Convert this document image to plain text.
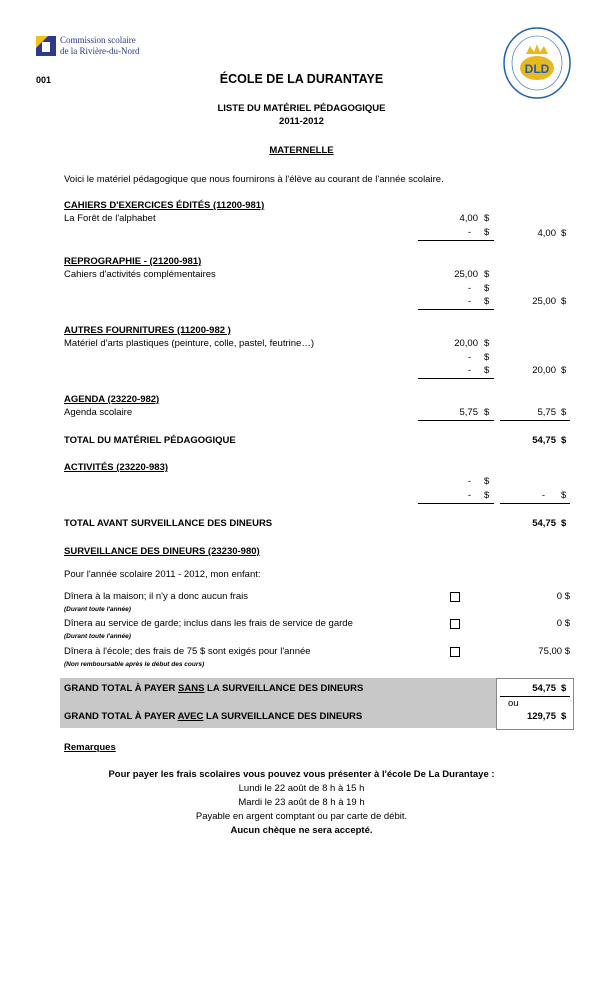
Commission scolaire
de la Rivière-du-Nord
DLD
001	ÉCOLE DE LA DURANTAYE
LISTE DU MATÉRIEL PÉDAGOGIQUE
2011-2012
MATERNELLE
Voici le matériel pédagogique que nous fournirons à l'élève au courant de l'année scolaire.
CAHIERS D'EXERCICES ÉDITÉS (11200-981)
La Forêt de l'alphabet	4,00 $
- $	4,00 $
REPROGRAPHIE - (21200-981)
Cahiers d'activités complémentaires	25,00 $
- $
- $	25,00 $
AUTRES FOURNITURES (11200-982 )
Matériel d'arts plastiques (peinture, colle, pastel, feutrine…)	20,00 $
- $
- $	20,00 $
AGENDA (23220-982)
Agenda scolaire	5,75 $	5,75 $
TOTAL DU MATÉRIEL PÉDAGOGIQUE	54,75 $
ACTIVITÉS (23220-983)
- $
- $	- $
TOTAL AVANT SURVEILLANCE DES DINEURS	54,75 $
SURVEILLANCE DES DINEURS (23230-980)
Pour l'année scolaire 2011 - 2012, mon enfant:
Dînera à la maison; il n'y a donc aucun frais	0 $
(Durant toute l'année)
Dînera au service de garde; inclus dans les frais de service de garde	0 $
(Durant toute l'année)
Dînera à l'école; des frais de 75 $ sont exigés pour l'année	75,00 $
(Non remboursable après le début des cours)
GRAND TOTAL À PAYER SANS LA SURVEILLANCE DES DINEURS	54,75 $
ou
GRAND TOTAL À PAYER AVEC LA SURVEILLANCE DES DINEURS	129,75 $
Remarques
Pour payer les frais scolaires vous pouvez vous présenter à l'école De La Durantaye :
Lundi le 22 août de 8 h à 15 h
Mardi le 23 août de 8 h à 19 h
Payable en argent comptant ou par carte de débit.
Aucun chèque ne sera accepté.
